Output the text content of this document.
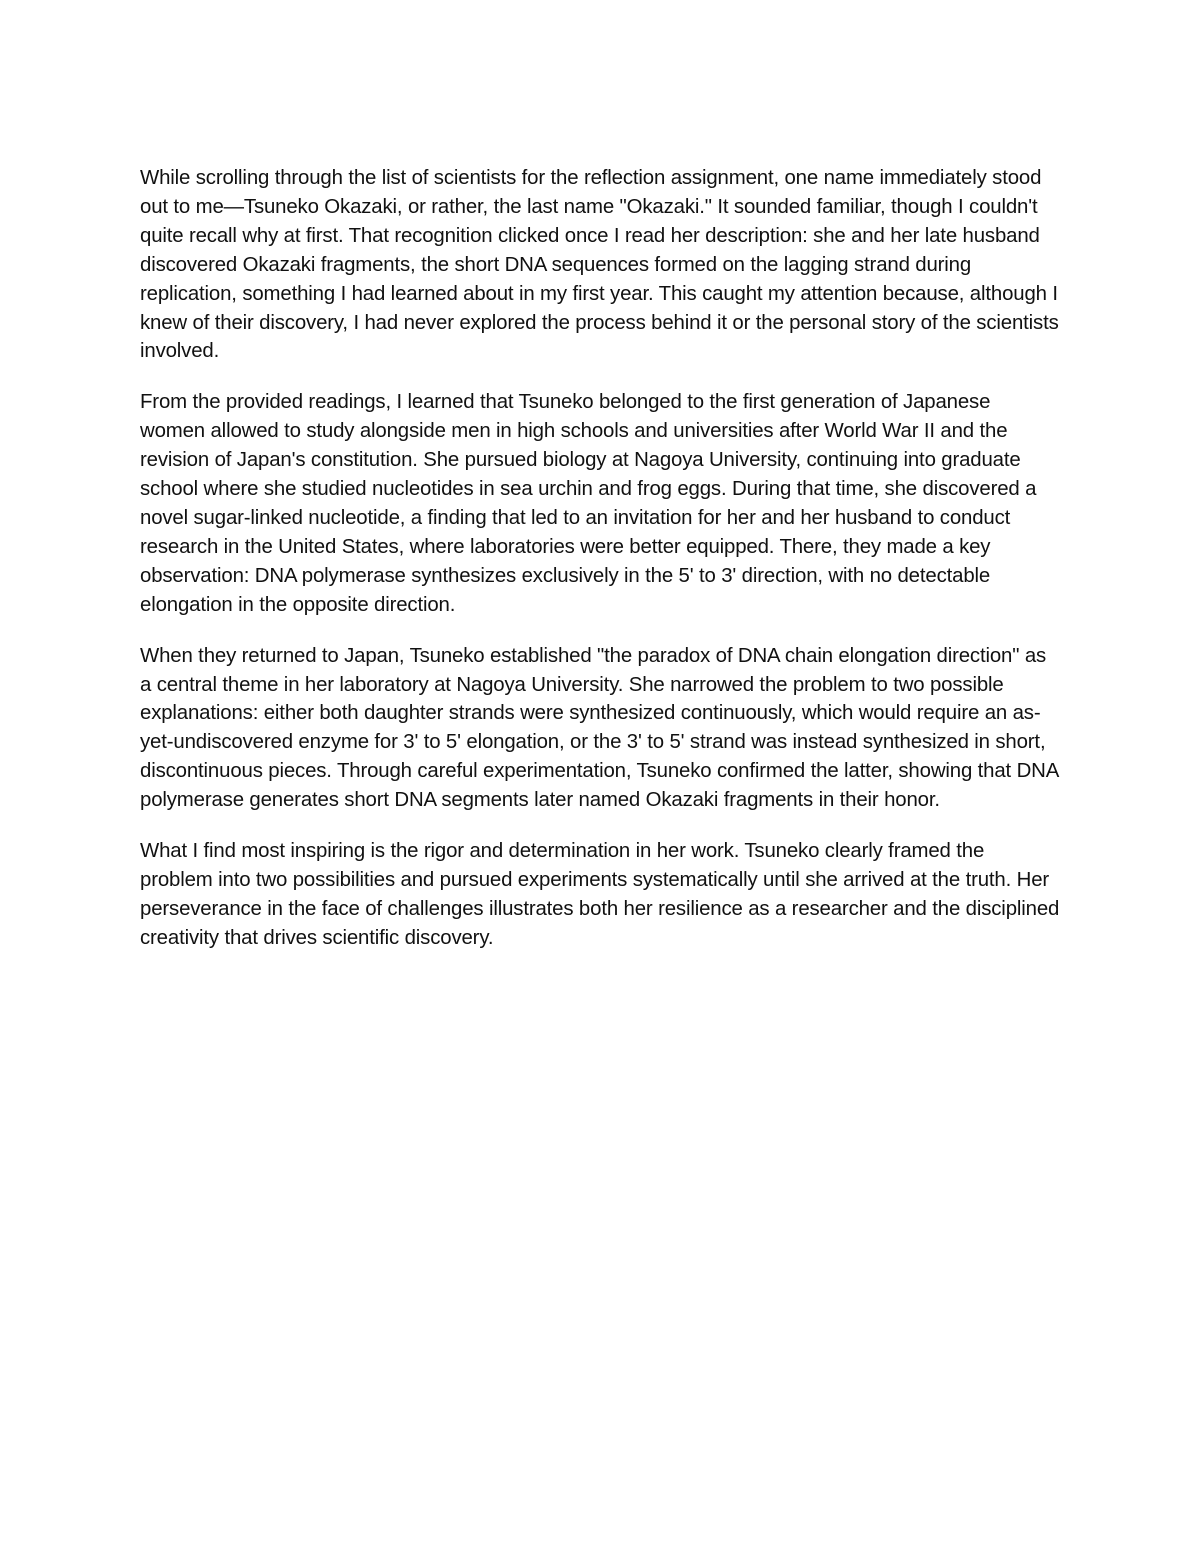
While scrolling through the list of scientists for the reflection assignment, one name immediately stood out to me—Tsuneko Okazaki, or rather, the last name "Okazaki." It sounded familiar, though I couldn't quite recall why at first. That recognition clicked once I read her description: she and her late husband discovered Okazaki fragments, the short DNA sequences formed on the lagging strand during replication, something I had learned about in my first year. This caught my attention because, although I knew of their discovery, I had never explored the process behind it or the personal story of the scientists involved.

From the provided readings, I learned that Tsuneko belonged to the first generation of Japanese women allowed to study alongside men in high schools and universities after World War II and the revision of Japan's constitution. She pursued biology at Nagoya University, continuing into graduate school where she studied nucleotides in sea urchin and frog eggs. During that time, she discovered a novel sugar-linked nucleotide, a finding that led to an invitation for her and her husband to conduct research in the United States, where laboratories were better equipped. There, they made a key observation: DNA polymerase synthesizes exclusively in the 5' to 3' direction, with no detectable elongation in the opposite direction.

When they returned to Japan, Tsuneko established "the paradox of DNA chain elongation direction" as a central theme in her laboratory at Nagoya University. She narrowed the problem to two possible explanations: either both daughter strands were synthesized continuously, which would require an as-yet-undiscovered enzyme for 3' to 5' elongation, or the 3' to 5' strand was instead synthesized in short, discontinuous pieces. Through careful experimentation, Tsuneko confirmed the latter, showing that DNA polymerase generates short DNA segments later named Okazaki fragments in their honor.

What I find most inspiring is the rigor and determination in her work. Tsuneko clearly framed the problem into two possibilities and pursued experiments systematically until she arrived at the truth. Her perseverance in the face of challenges illustrates both her resilience as a researcher and the disciplined creativity that drives scientific discovery.
